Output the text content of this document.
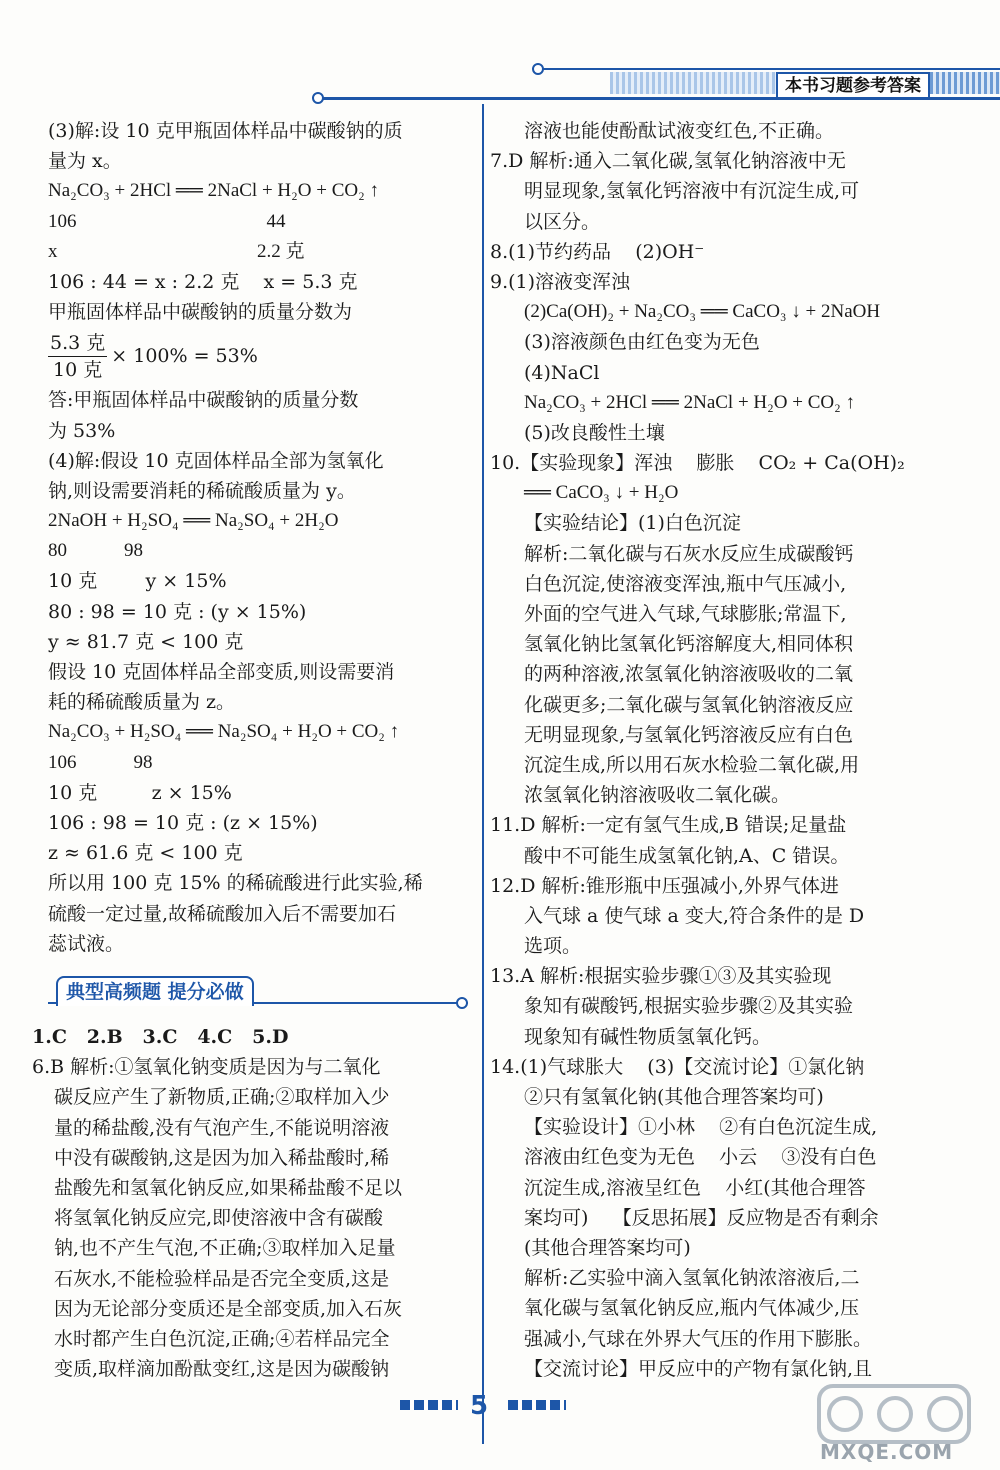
本书习题参考答案
(3)解:设 10 克甲瓶固体样品中碳酸钠的质
量为 x。
Na₂CO₃ + 2HCl ══ 2NaCl + H₂O + CO₂ ↑
106                                        44
x                                          2.2 克
106 : 44 = x : 2.2 克    x = 5.3 克
甲瓶固体样品中碳酸钠的质量分数为
$\frac{\text{5.3 克}}{\text{10 克}} \times 100\% = 53\%$
答:甲瓶固体样品中碳酸钠的质量分数
为 53%
(4)解:假设 10 克固体样品全部为氢氧化
钠,则设需要消耗的稀硫酸质量为 y。
2NaOH + H₂SO₄ ══ Na₂SO₄ + 2H₂O
80            98
10 克        y × 15%
80 : 98 = 10 克 : (y × 15%)
y ≈ 81.7 克 < 100 克
假设 10 克固体样品全部变质,则设需要消
耗的稀硫酸质量为 z。
Na₂CO₃ + H₂SO₄ ══ Na₂SO₄ + H₂O + CO₂ ↑
106            98
10 克         z × 15%
106 : 98 = 10 克 : (z × 15%)
z ≈ 61.6 克 < 100 克
所以用 100 克 15% 的稀硫酸进行此实验,稀
硫酸一定过量,故稀硫酸加入后不需要加石
蕊试液。
典型高频题 提分必做
1.C   2.B   3.C   4.C   5.D
6.B 解析:①氢氧化钠变质是因为与二氧化
碳反应产生了新物质,正确;②取样加入少
量的稀盐酸,没有气泡产生,不能说明溶液
中没有碳酸钠,这是因为加入稀盐酸时,稀
盐酸先和氢氧化钠反应,如果稀盐酸不足以
将氢氧化钠反应完,即使溶液中含有碳酸
钠,也不产生气泡,不正确;③取样加入足量
石灰水,不能检验样品是否完全变质,这是
因为无论部分变质还是全部变质,加入石灰
水时都产生白色沉淀,正确;④若样品完全
变质,取样滴加酚酞变红,这是因为碳酸钠
溶液也能使酚酞试液变红色,不正确。
7.D 解析:通入二氧化碳,氢氧化钠溶液中无
明显现象,氢氧化钙溶液中有沉淀生成,可
以区分。
8.(1)节约药品    (2)OH⁻
9.(1)溶液变浑浊
(2)Ca(OH)₂ + Na₂CO₃ ══ CaCO₃ ↓ + 2NaOH
(3)溶液颜色由红色变为无色
(4)NaCl
Na₂CO₃ + 2HCl ══ 2NaCl + H₂O + CO₂ ↑
(5)改良酸性土壤
10.【实验现象】浑浊    膨胀    CO₂ + Ca(OH)₂
══ CaCO₃ ↓ + H₂O
【实验结论】(1)白色沉淀
解析:二氧化碳与石灰水反应生成碳酸钙
白色沉淀,使溶液变浑浊,瓶中气压减小,
外面的空气进入气球,气球膨胀;常温下,
氢氧化钠比氢氧化钙溶解度大,相同体积
的两种溶液,浓氢氧化钠溶液吸收的二氧
化碳更多;二氧化碳与氢氧化钠溶液反应
无明显现象,与氢氧化钙溶液反应有白色
沉淀生成,所以用石灰水检验二氧化碳,用
浓氢氧化钠溶液吸收二氧化碳。
11.D 解析:一定有氢气生成,B 错误;足量盐
酸中不可能生成氢氧化钠,A、C 错误。
12.D 解析:锥形瓶中压强减小,外界气体进
入气球 a 使气球 a 变大,符合条件的是 D
选项。
13.A 解析:根据实验步骤①③及其实验现
象知有碳酸钙,根据实验步骤②及其实验
现象知有碱性物质氢氧化钙。
14.(1)气球胀大    (3)【交流讨论】①氯化钠
②只有氢氧化钠(其他合理答案均可)
【实验设计】①小林    ②有白色沉淀生成,
溶液由红色变为无色    小云    ③没有白色
沉淀生成,溶液呈红色    小红(其他合理答
案均可)    【反思拓展】反应物是否有剩余
(其他合理答案均可)
解析:乙实验中滴入氢氧化钠浓溶液后,二
氧化碳与氢氧化钠反应,瓶内气体减少,压
强减小,气球在外界大气压的作用下膨胀。
【交流讨论】甲反应中的产物有氯化钠,且
5
MXQE.COM
